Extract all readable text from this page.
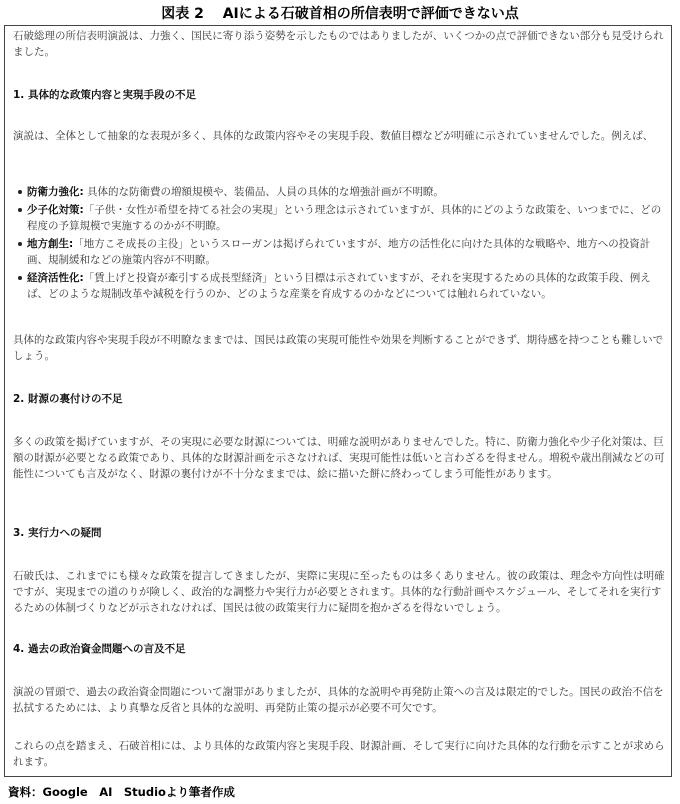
図表 2　 AIによる石破首相の所信表明で評価できない点

石破総理の所信表明演説は、力強く、国民に寄り添う姿勢を示したものではありましたが、いくつかの点で評価できない部分も見受けられました。

1. 具体的な政策内容と実現手段の不足

演説は、全体として抽象的な表現が多く、具体的な政策内容やその実現手段、数値目標などが明確に示されていませんでした。例えば、

防衛力強化: 具体的な防衛費の増額規模や、装備品、人員の具体的な増強計画が不明瞭。
少子化対策:「子供・女性が希望を持てる社会の実現」という理念は示されていますが、具体的にどのような政策を、いつまでに、どの程度の予算規模で実施するのかが不明瞭。
地方創生:「地方こそ成長の主役」というスローガンは掲げられていますが、地方の活性化に向けた具体的な戦略や、地方への投資計画、規制緩和などの施策内容が不明瞭。
経済活性化:「賃上げと投資が牽引する成長型経済」という目標は示されていますが、それを実現するための具体的な政策手段、例えば、どのような規制改革や減税を行うのか、どのような産業を育成するのかなどについては触れられていない。

具体的な政策内容や実現手段が不明瞭なままでは、国民は政策の実現可能性や効果を判断することができず、期待感を持つことも難しいでしょう。

2. 財源の裏付けの不足

多くの政策を掲げていますが、その実現に必要な財源については、明確な説明がありませんでした。特に、防衛力強化や少子化対策は、巨額の財源が必要となる政策であり、具体的な財源計画を示さなければ、実現可能性は低いと言わざるを得ません。増税や歳出削減などの可能性についても言及がなく、財源の裏付けが不十分なままでは、絵に描いた餅に終わってしまう可能性があります。

3. 実行力への疑問

石破氏は、これまでにも様々な政策を提言してきましたが、実際に実現に至ったものは多くありません。彼の政策は、理念や方向性は明確ですが、実現までの道のりが険しく、政治的な調整力や実行力が必要とされます。具体的な行動計画やスケジュール、そしてそれを実行するための体制づくりなどが示されなければ、国民は彼の政策実行力に疑問を抱かざるを得ないでしょう。

4. 過去の政治資金問題への言及不足

演説の冒頭で、過去の政治資金問題について謝罪がありましたが、具体的な説明や再発防止策への言及は限定的でした。国民の政治不信を払拭するためには、より真摯な反省と具体的な説明、再発防止策の提示が必要不可欠です。

これらの点を踏まえ、石破首相には、より具体的な政策内容と実現手段、財源計画、そして実行に向けた具体的な行動を示すことが求められます。

資料：Google　AI　Studioより筆者作成
